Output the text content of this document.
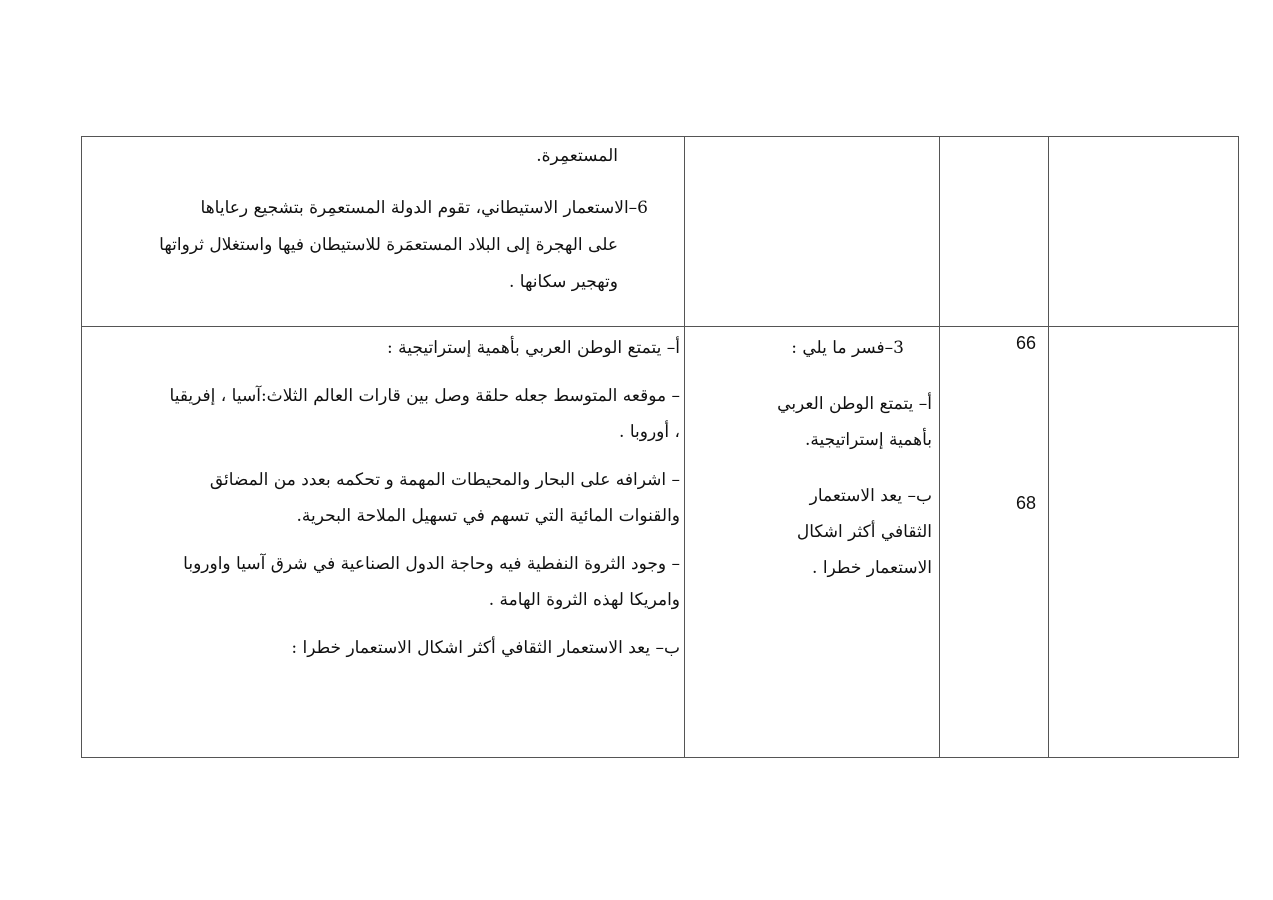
المستعمِرة.

6–الاستعمار الاستيطاني، تقوم الدولة المستعمِرة بتشجيع رعاياها

على الهجرة إلى البلاد المستعمَرة للاستيطان فيها واستغلال ثرواتها

وتهجير سكانها .

أ– يتمتع الوطن العربي بأهمية إستراتيجية :

– موقعه المتوسط جعله حلقة وصل بين قارات العالم الثلاث:آسيا ، إفريقيا

، أوروبا .

– اشرافه على البحار والمحيطات المهمة و تحكمه بعدد من المضائق

والقنوات المائية التي تسهم في تسهيل الملاحة البحرية.

– وجود الثروة النفطية فيه وحاجة الدول الصناعية في شرق آسيا واوروبا

وامريكا لهذه الثروة الهامة .

ب– يعد الاستعمار الثقافي أكثر اشكال الاستعمار خطرا :

3–فسر ما يلي :

أ– يتمتع الوطن العربي

بأهمية إستراتيجية.

ب– يعد الاستعمار

الثقافي أكثر اشكال

الاستعمار خطرا .

66
68
